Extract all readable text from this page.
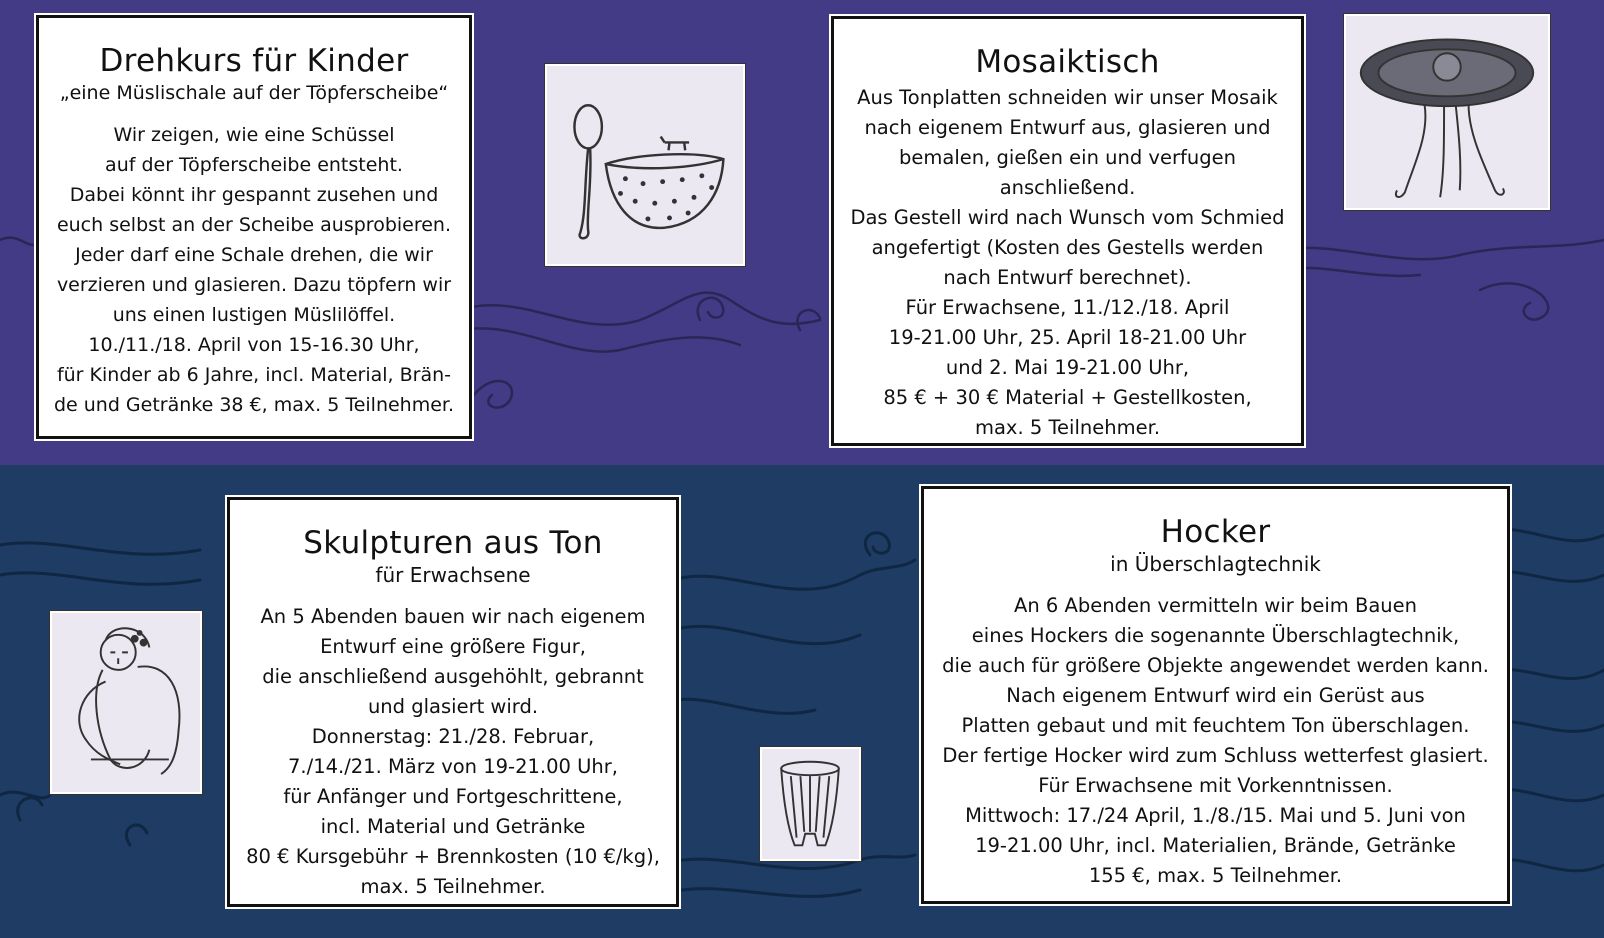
Drehkurs für Kinder
„eine Müslischale auf der Töpferscheibe“
Wir zeigen, wie eine Schüssel
auf der Töpferscheibe entsteht.
Dabei könnt ihr gespannt zusehen und
euch selbst an der Scheibe ausprobieren.
Jeder darf eine Schale drehen, die wir
verzieren und glasieren. Dazu töpfern wir
uns einen lustigen Müslilöffel.
10./11./18. April von 15-16.30 Uhr,
für Kinder ab 6 Jahre, incl. Material, Brän-
de und Getränke 38 €, max. 5 Teilnehmer.
Mosaiktisch
Aus Tonplatten schneiden wir unser Mosaik
nach eigenem Entwurf aus, glasieren und
bemalen, gießen ein und verfugen
anschließend.
Das Gestell wird nach Wunsch vom Schmied
angefertigt (Kosten des Gestells werden
nach Entwurf berechnet).
Für Erwachsene, 11./12./18. April
19-21.00 Uhr, 25. April 18-21.00 Uhr
und 2. Mai 19-21.00 Uhr,
85 € + 30 € Material + Gestellkosten,
max. 5 Teilnehmer.
Skulpturen aus Ton
für Erwachsene
An 5 Abenden bauen wir nach eigenem
Entwurf eine größere Figur,
die anschließend ausgehöhlt, gebrannt
und glasiert wird.
Donnerstag: 21./28. Februar,
7./14./21. März von 19-21.00 Uhr,
für Anfänger und Fortgeschrittene,
incl. Material und Getränke
80 € Kursgebühr + Brennkosten (10 €/kg),
max. 5 Teilnehmer.
Hocker
in Überschlagtechnik
An 6 Abenden vermitteln wir beim Bauen
eines Hockers die sogenannte Überschlagtechnik,
die auch für größere Objekte angewendet werden kann.
Nach eigenem Entwurf wird ein Gerüst aus
Platten gebaut und mit feuchtem Ton überschlagen.
Der fertige Hocker wird zum Schluss wetterfest glasiert.
Für Erwachsene mit Vorkenntnissen.
Mittwoch: 17./24 April, 1./8./15. Mai und 5. Juni von
19-21.00 Uhr, incl. Materialien, Brände, Getränke
155 €, max. 5 Teilnehmer.
